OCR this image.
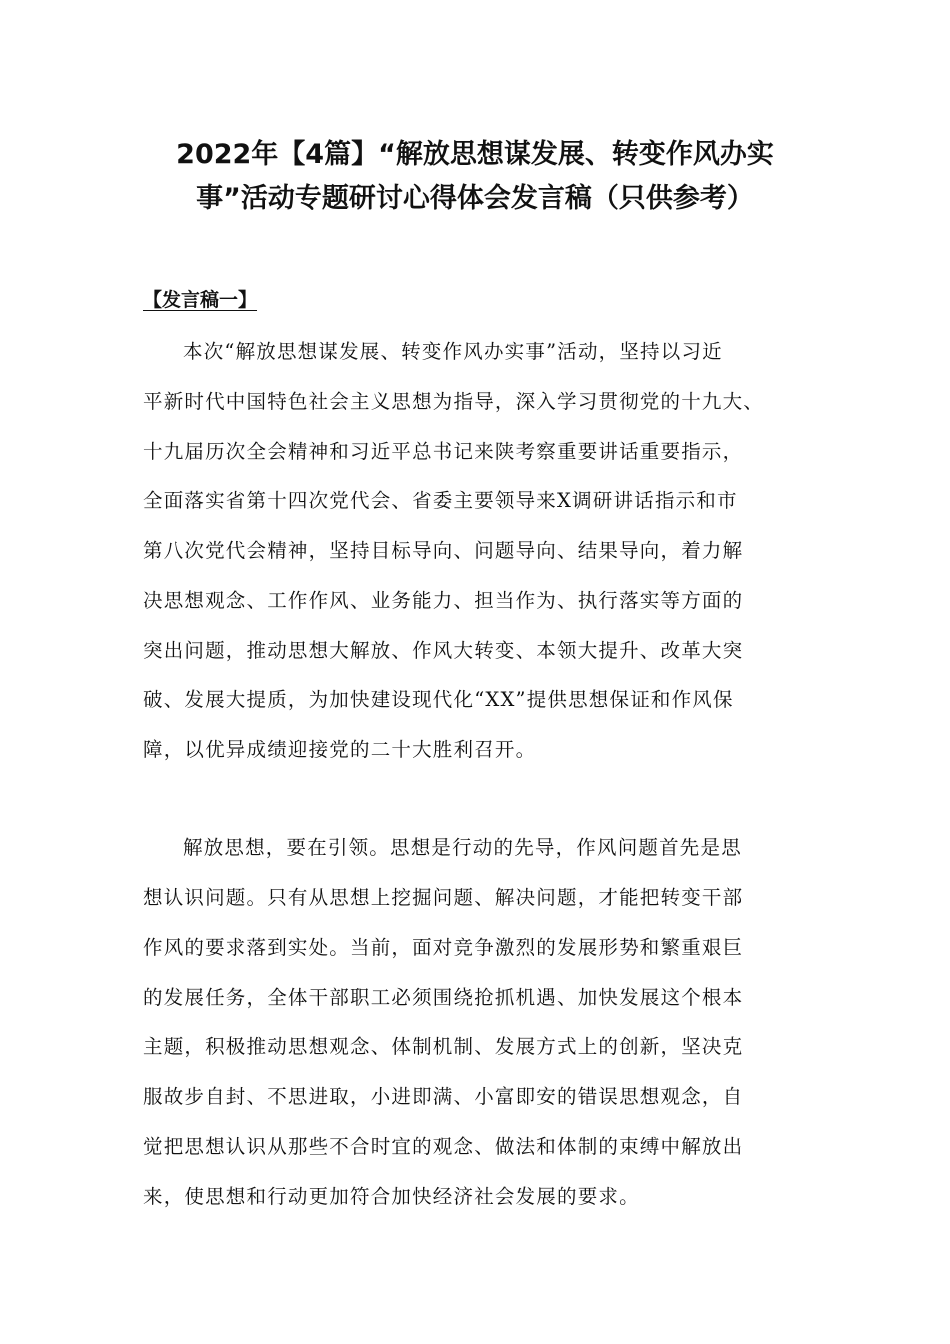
2022年【4篇】“解放思想谋发展、转变作风办实
事”活动专题研讨心得体会发言稿（只供参考）

【发言稿一】

本次“解放思想谋发展、转变作风办实事”活动，坚持以习近

平新时代中国特色社会主义思想为指导，深入学习贯彻党的十九大、

十九届历次全会精神和习近平总书记来陕考察重要讲话重要指示，

全面落实省第十四次党代会、省委主要领导来X调研讲话指示和市

第八次党代会精神，坚持目标导向、问题导向、结果导向，着力解

决思想观念、工作作风、业务能力、担当作为、执行落实等方面的

突出问题，推动思想大解放、作风大转变、本领大提升、改革大突

破、发展大提质，为加快建设现代化“XX”提供思想保证和作风保

障，以优异成绩迎接党的二十大胜利召开。

解放思想，要在引领。思想是行动的先导，作风问题首先是思

想认识问题。只有从思想上挖掘问题、解决问题，才能把转变干部

作风的要求落到实处。当前，面对竞争激烈的发展形势和繁重艰巨

的发展任务，全体干部职工必须围绕抢抓机遇、加快发展这个根本

主题，积极推动思想观念、体制机制、发展方式上的创新，坚决克

服故步自封、不思进取，小进即满、小富即安的错误思想观念，自

觉把思想认识从那些不合时宜的观念、做法和体制的束缚中解放出

来，使思想和行动更加符合加快经济社会发展的要求。
